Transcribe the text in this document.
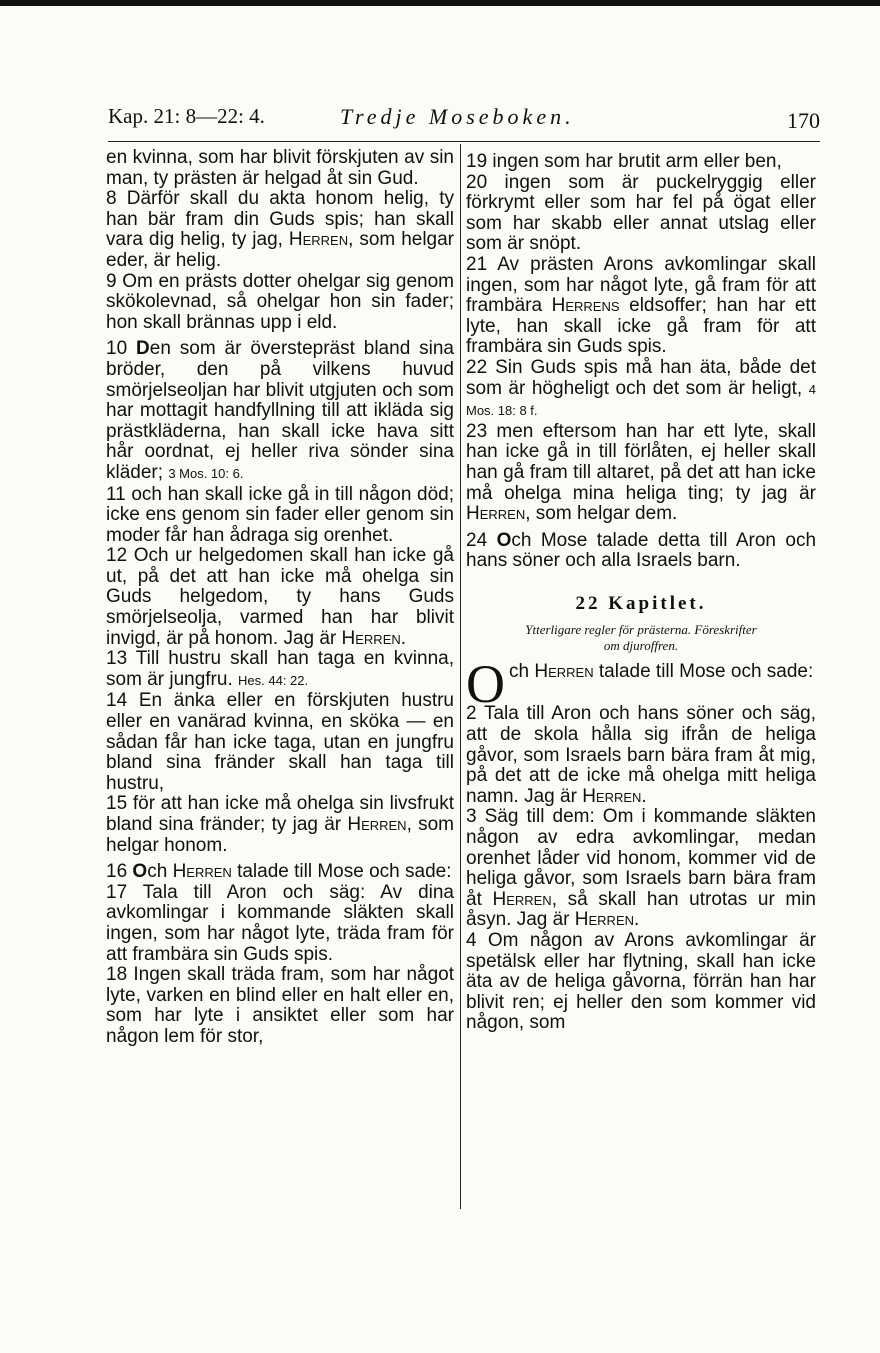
Kap. 21: 8—22: 4.	Tredje Moseboken.	170

en kvinna, som har blivit förskjuten av sin man, ty prästen är helgad åt sin Gud.

8 Därför skall du akta honom helig, ty han bär fram din Guds spis; han skall vara dig helig, ty jag, Herren, som helgar eder, är helig.

9 Om en prästs dotter ohelgar sig genom skökolevnad, så ohelgar hon sin fader; hon skall brännas upp i eld.

10 Den som är överstepräst bland sina bröder, den på vilkens huvud smörjelseoljan har blivit utgjuten och som har mottagit handfyllning till att ikläda sig prästkläderna, han skall icke hava sitt hår oordnat, ej heller riva sönder sina kläder; 3 Mos. 10: 6.

11 och han skall icke gå in till någon död; icke ens genom sin fader eller genom sin moder får han ådraga sig orenhet.

12 Och ur helgedomen skall han icke gå ut, på det att han icke må ohelga sin Guds helgedom, ty hans Guds smörjelseolja, varmed han har blivit invigd, är på honom. Jag är Herren.

13 Till hustru skall han taga en kvinna, som är jungfru. Hes. 44: 22.

14 En änka eller en förskjuten hustru eller en vanärad kvinna, en sköka — en sådan får han icke taga, utan en jungfru bland sina fränder skall han taga till hustru,

15 för att han icke må ohelga sin livsfrukt bland sina fränder; ty jag är Herren, som helgar honom.

16 Och Herren talade till Mose och sade:

17 Tala till Aron och säg: Av dina avkomlingar i kommande släkten skall ingen, som har något lyte, träda fram för att frambära sin Guds spis.

18 Ingen skall träda fram, som har något lyte, varken en blind eller en halt eller en, som har lyte i ansiktet eller som har någon lem för stor,

19 ingen som har brutit arm eller ben,

20 ingen som är puckelryggig eller förkrymt eller som har fel på ögat eller som har skabb eller annat utslag eller som är snöpt.

21 Av prästen Arons avkomlingar skall ingen, som har något lyte, gå fram för att frambära Herrens eldsoffer; han har ett lyte, han skall icke gå fram för att frambära sin Guds spis.

22 Sin Guds spis må han äta, både det som är högheligt och det som är heligt, 4 Mos. 18: 8 f.

23 men eftersom han har ett lyte, skall han icke gå in till förlåten, ej heller skall han gå fram till altaret, på det att han icke må ohelga mina heliga ting; ty jag är Herren, som helgar dem.

24 Och Mose talade detta till Aron och hans söner och alla Israels barn.

22 Kapitlet.
Ytterligare regler för prästerna. Föreskrifter
om djuroffren.

Och Herren talade till Mose och sade:

2 Tala till Aron och hans söner och säg, att de skola hålla sig ifrån de heliga gåvor, som Israels barn bära fram åt mig, på det att de icke må ohelga mitt heliga namn. Jag är Herren.

3 Säg till dem: Om i kommande släkten någon av edra avkomlingar, medan orenhet låder vid honom, kommer vid de heliga gåvor, som Israels barn bära fram åt Herren, så skall han utrotas ur min åsyn. Jag är Herren.

4 Om någon av Arons avkomlingar är spetälsk eller har flytning, skall han icke äta av de heliga gåvorna, förrän han har blivit ren; ej heller den som kommer vid någon, som
